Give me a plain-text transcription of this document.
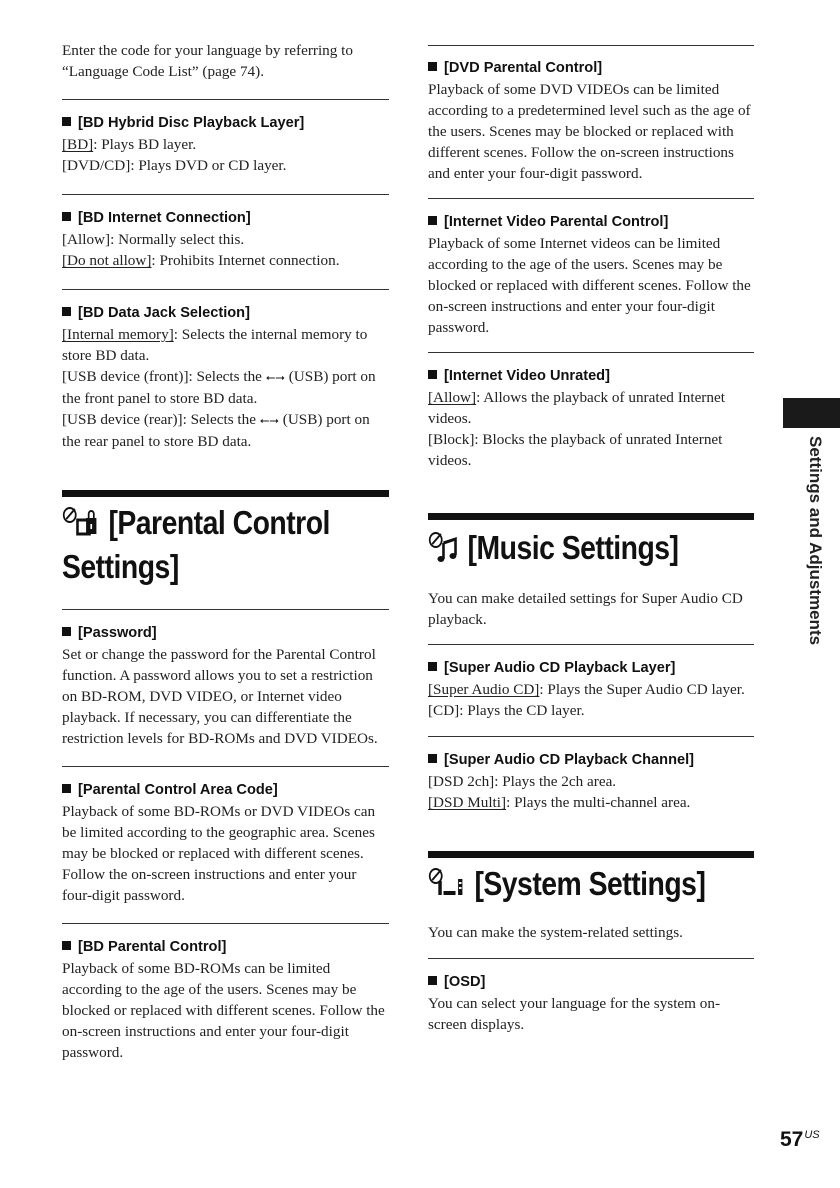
Enter the code for your language by referring to “Language Code List” (page 74).

[BD Hybrid Disc Playback Layer]

[BD]: Plays BD layer.

[DVD/CD]: Plays DVD or CD layer.

[BD Internet Connection]

[Allow]: Normally select this.

[Do not allow]: Prohibits Internet connection.

[BD Data Jack Selection]

[Internal memory]: Selects the internal memory to store BD data.

[USB device (front)]: Selects the ⭠⭢ (USB) port on the front panel to store BD data.

[USB device (rear)]: Selects the ⭠⭢ (USB) port on the rear panel to store BD data.

[Parental Control
Settings]

[Password]

Set or change the password for the Parental Control function. A password allows you to set a restriction on BD-ROM, DVD VIDEO, or Internet video playback. If necessary, you can differentiate the restriction levels for BD-ROMs and DVD VIDEOs.

[Parental Control Area Code]

Playback of some BD-ROMs or DVD VIDEOs can be limited according to the geographic area. Scenes may be blocked or replaced with different scenes. Follow the on-screen instructions and enter your four-digit password.

[BD Parental Control]

Playback of some BD-ROMs can be limited according to the age of the users. Scenes may be blocked or replaced with different scenes. Follow the on-screen instructions and enter your four-digit password.

[DVD Parental Control]

Playback of some DVD VIDEOs can be limited according to a predetermined level such as the age of the users. Scenes may be blocked or replaced with different scenes. Follow the on-screen instructions and enter your four-digit password.

[Internet Video Parental Control]

Playback of some Internet videos can be limited according to the age of the users. Scenes may be blocked or replaced with different scenes. Follow the on-screen instructions and enter your four-digit password.

[Internet Video Unrated]

[Allow]: Allows the playback of unrated Internet videos.

[Block]: Blocks the playback of unrated Internet videos.

[Music Settings]

You can make detailed settings for Super Audio CD playback.

[Super Audio CD Playback Layer]

[Super Audio CD]: Plays the Super Audio CD layer.

[CD]: Plays the CD layer.

[Super Audio CD Playback Channel]

[DSD 2ch]: Plays the 2ch area.

[DSD Multi]: Plays the multi-channel area.

[System Settings]

You can make the system-related settings.

[OSD]

You can select your language for the system on-screen displays.

Settings and Adjustments
$57^{US}$
